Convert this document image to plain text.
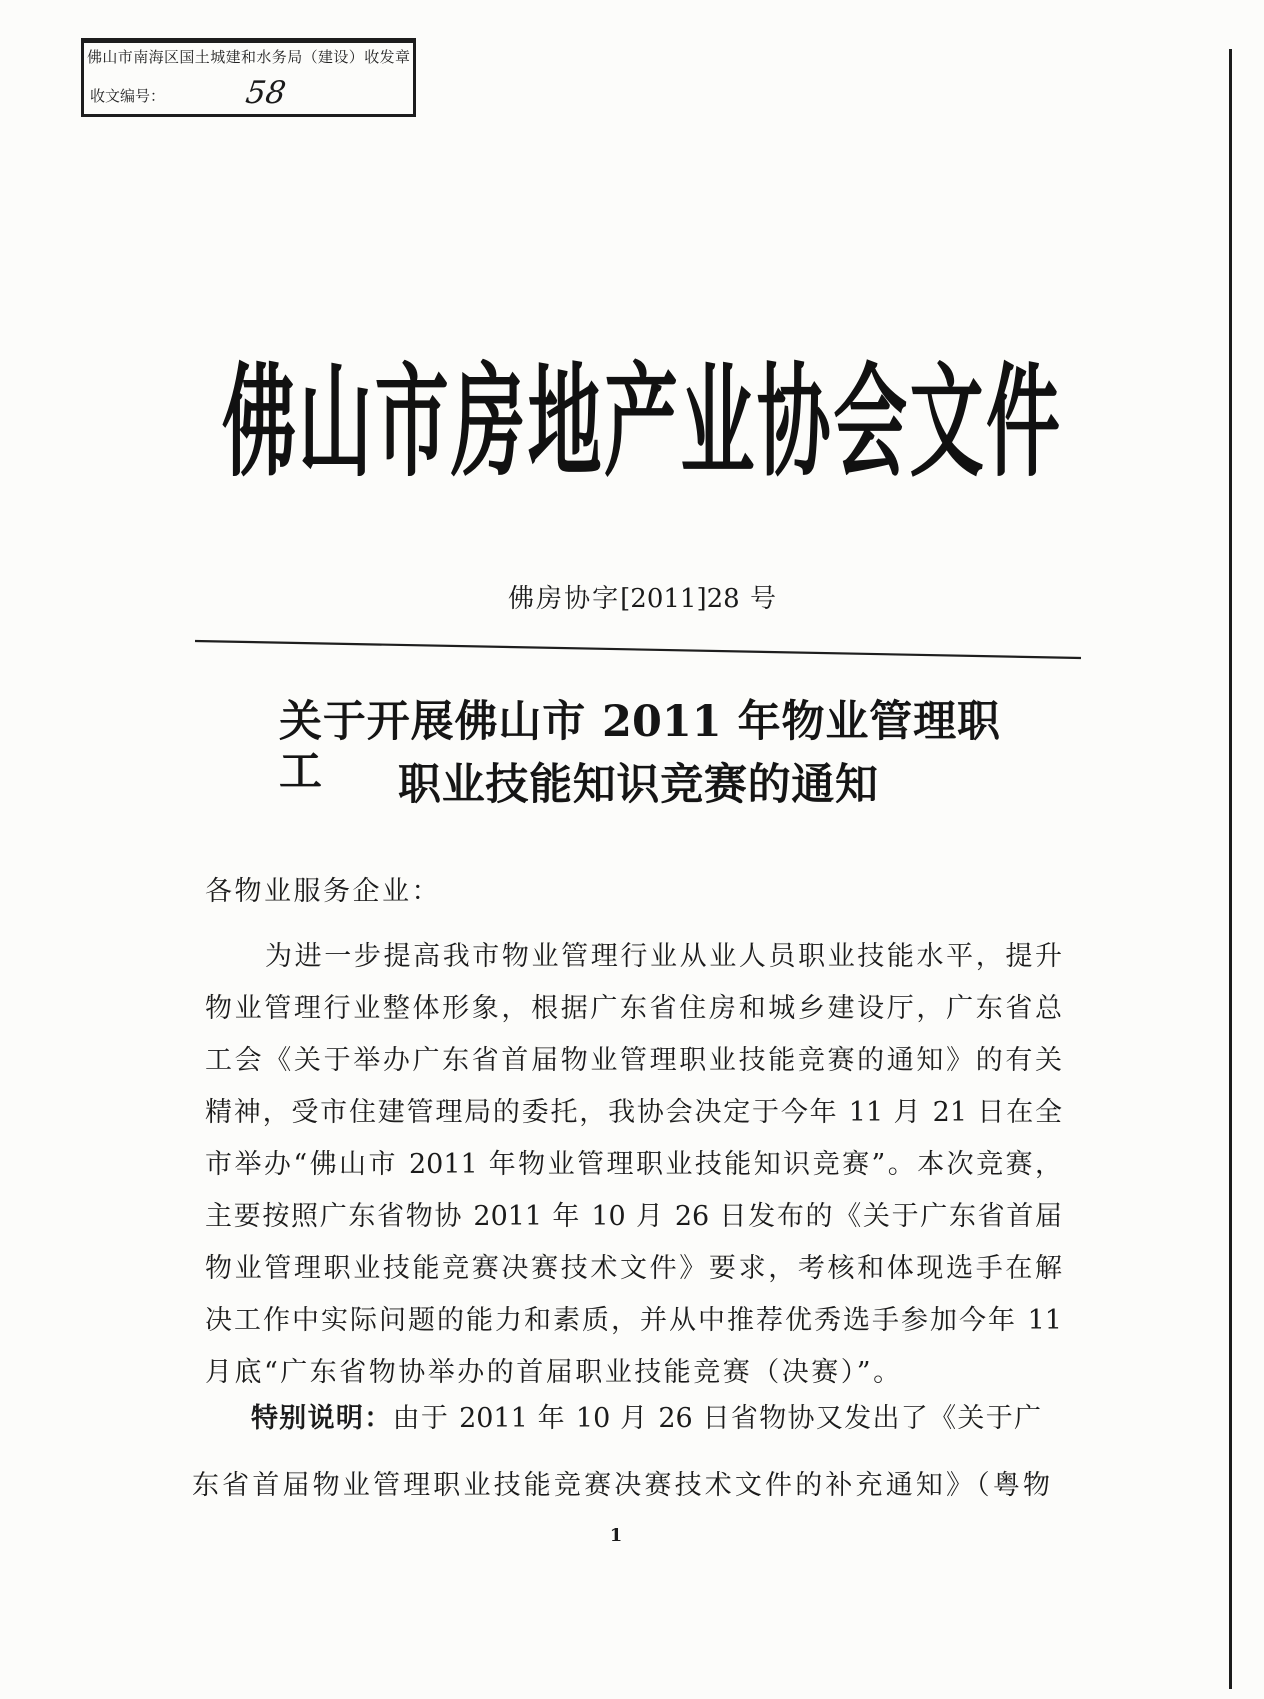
佛山市南海区国土城建和水务局（建设）收发章
收文编号：	58
佛山市房地产业协会文件
佛房协字[2011]28 号
关于开展佛山市 2011 年物业管理职工	职业技能知识竞赛的通知
各物业服务企业：
为进一步提高我市物业管理行业从业人员职业技能水平，提升
物业管理行业整体形象，根据广东省住房和城乡建设厅，广东省总
工会《关于举办广东省首届物业管理职业技能竞赛的通知》的有关
精神，受市住建管理局的委托，我协会决定于今年 11 月 21 日在全
市举办“佛山市 2011 年物业管理职业技能知识竞赛”。本次竞赛，
主要按照广东省物协 2011 年 10 月 26 日发布的《关于广东省首届
物业管理职业技能竞赛决赛技术文件》要求，考核和体现选手在解
决工作中实际问题的能力和素质，并从中推荐优秀选手参加今年 11
月底“广东省物协举办的首届职业技能竞赛（决赛）”。
特别说明：由于 2011 年 10 月 26 日省物协又发出了《关于广
东省首届物业管理职业技能竞赛决赛技术文件的补充通知》（粤物
1
